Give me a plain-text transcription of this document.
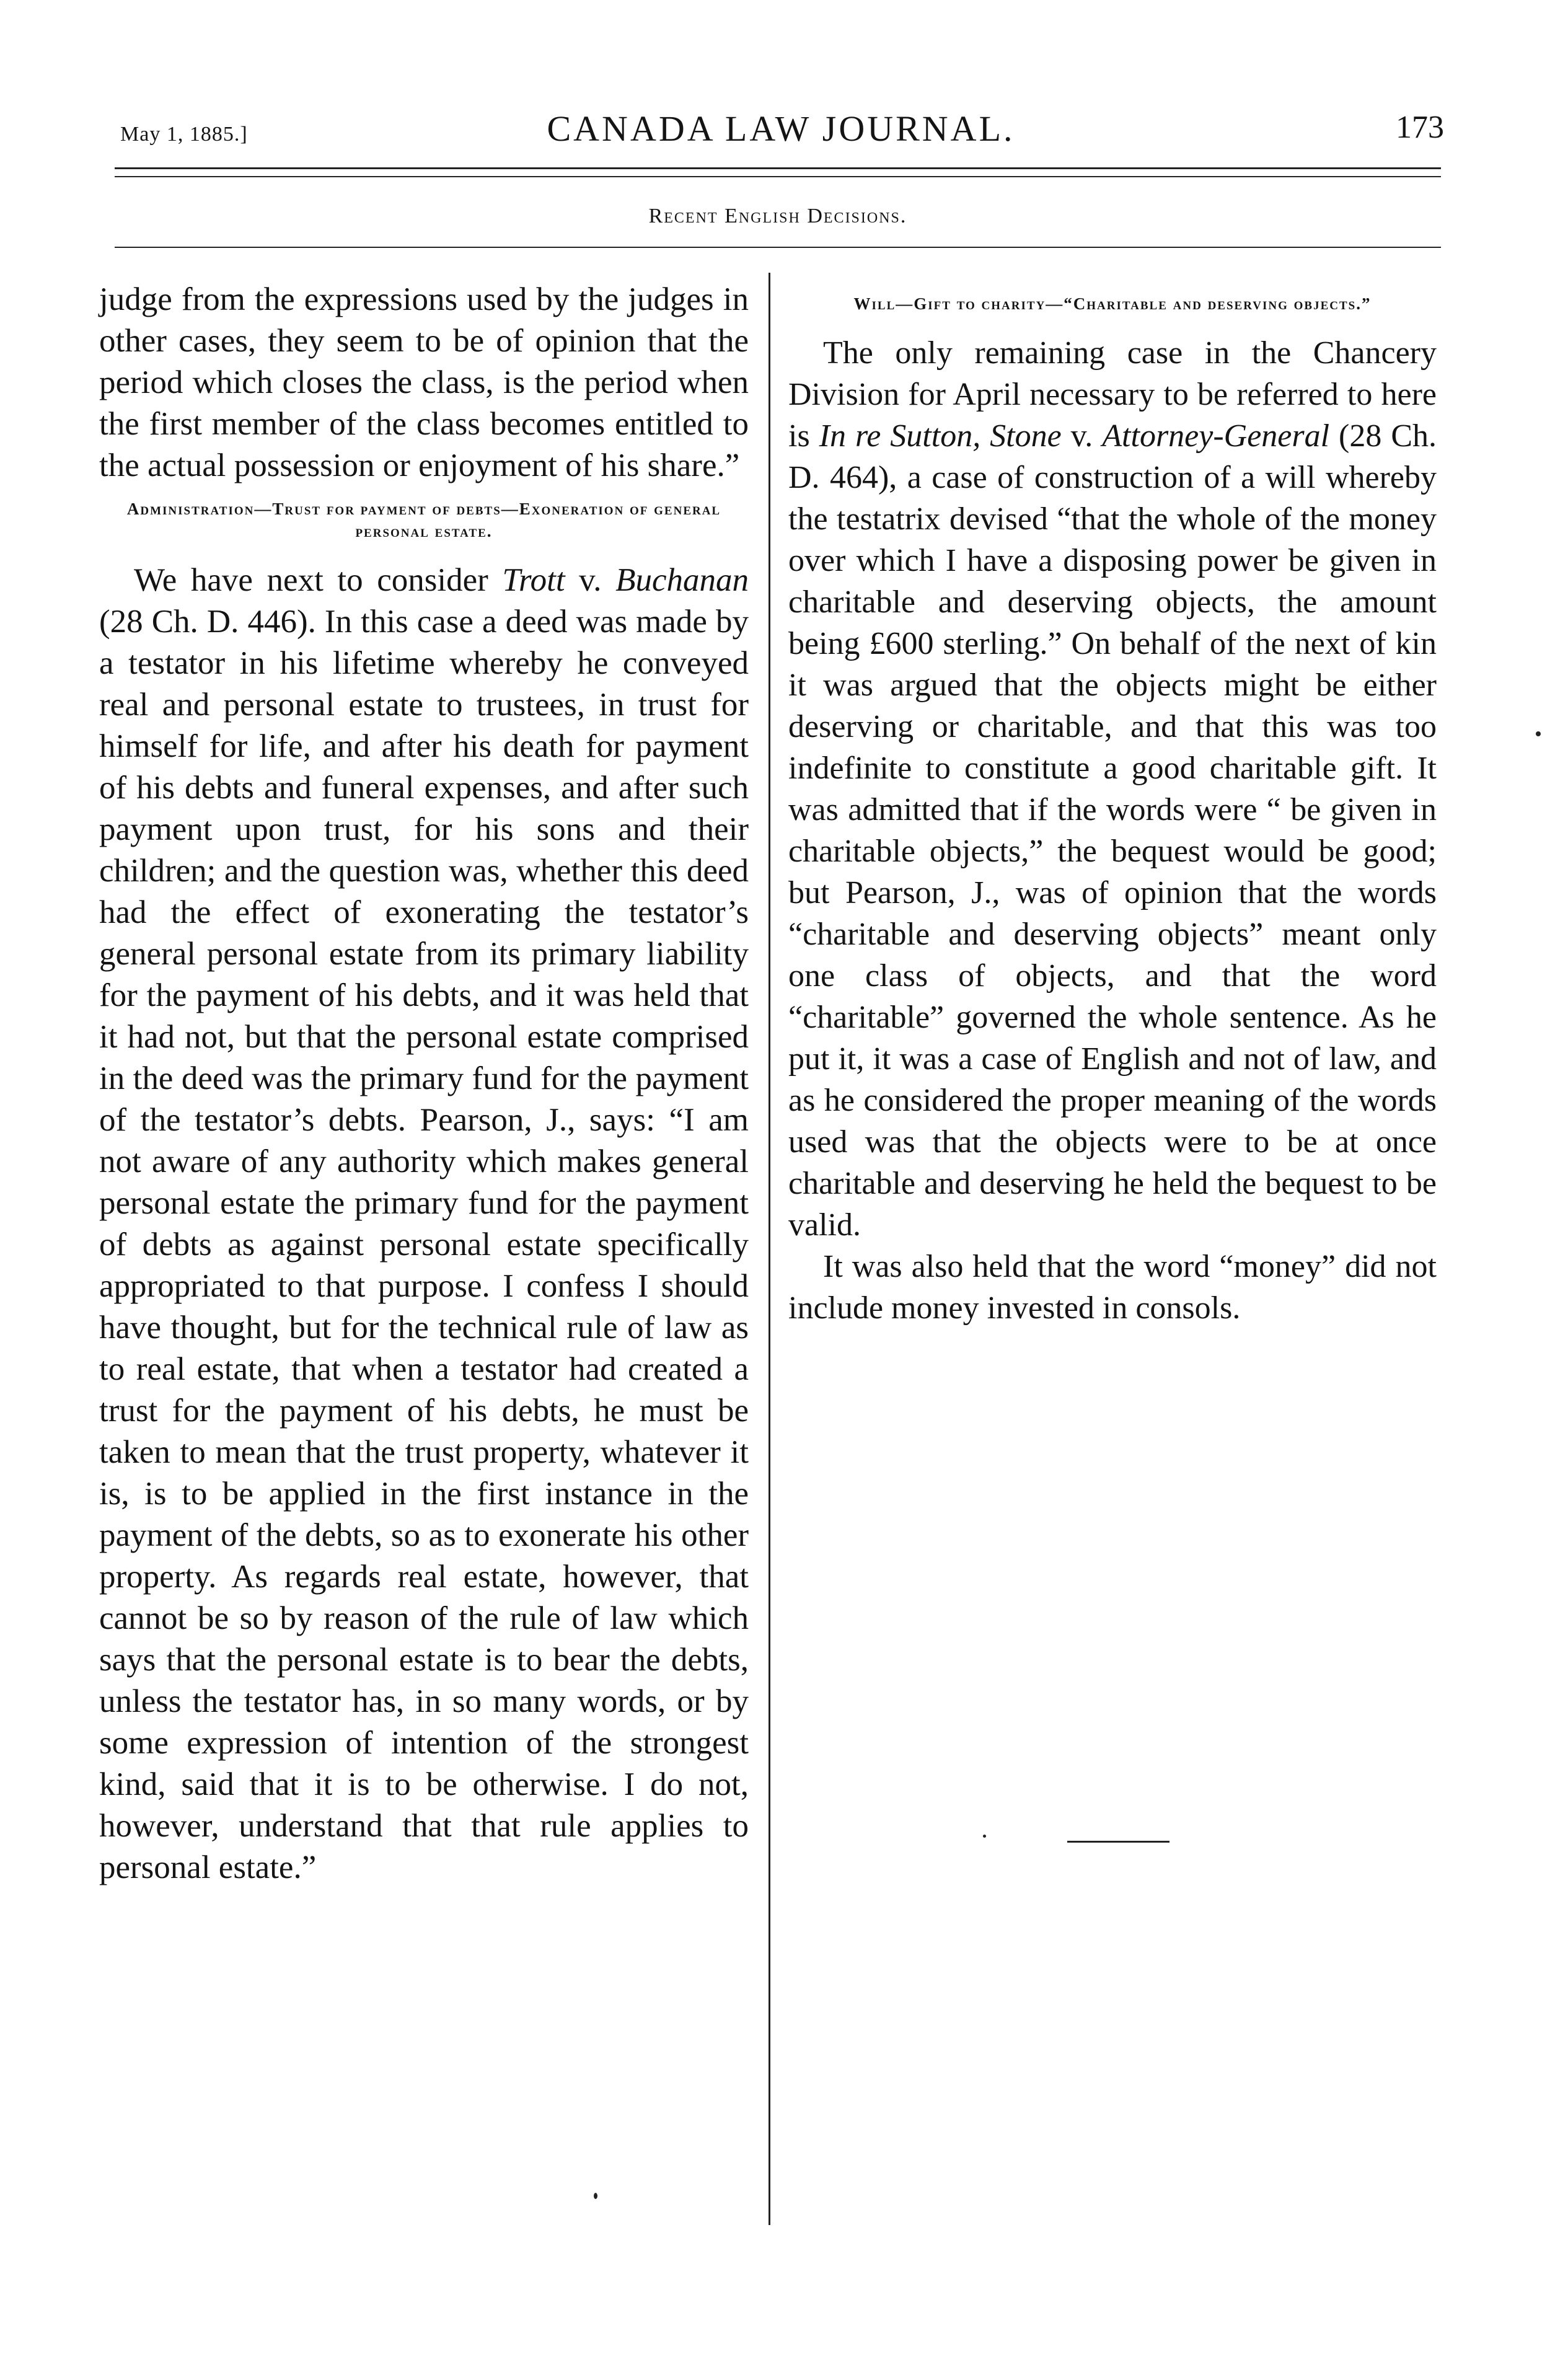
May 1, 1885.]	CANADA LAW JOURNAL.	173
Recent English Decisions.

judge from the expressions used by the judges in other cases, they seem to be of opinion that the period which closes the class, is the period when the first member of the class becomes entitled to the actual possession or enjoyment of his share.”

Administration—Trust for payment of debts—Exoneration of general personal estate.

We have next to consider Trott v. Buchanan (28 Ch. D. 446). In this case a deed was made by a testator in his lifetime whereby he conveyed real and personal estate to trustees, in trust for himself for life, and after his death for payment of his debts and funeral expenses, and after such payment upon trust, for his sons and their children; and the question was, whether this deed had the effect of exonerating the testator’s general personal estate from its primary liability for the payment of his debts, and it was held that it had not, but that the personal estate comprised in the deed was the primary fund for the payment of the testator’s debts. Pearson, J., says: “I am not aware of any authority which makes general personal estate the primary fund for the payment of debts as against personal estate specifically appropriated to that purpose. I confess I should have thought, but for the technical rule of law as to real estate, that when a testator had created a trust for the payment of his debts, he must be taken to mean that the trust property, whatever it is, is to be applied in the first instance in the payment of the debts, so as to exonerate his other property. As regards real estate, however, that cannot be so by reason of the rule of law which says that the personal estate is to bear the debts, unless the testator has, in so many words, or by some expression of intention of the strongest kind, said that it is to be otherwise. I do not, however, understand that that rule applies to personal estate.”

Will—Gift to charity—“Charitable and deserving objects.”

The only remaining case in the Chancery Division for April necessary to be referred to here is In re Sutton, Stone v. Attorney-General (28 Ch. D. 464), a case of construction of a will whereby the testatrix devised “that the whole of the money over which I have a disposing power be given in charitable and deserving objects, the amount being £600 sterling.” On behalf of the next of kin it was argued that the objects might be either deserving or charitable, and that this was too indefinite to constitute a good charitable gift. It was admitted that if the words were “ be given in charitable objects,” the bequest would be good; but Pearson, J., was of opinion that the words “charitable and deserving objects” meant only one class of objects, and that the word “charitable” governed the whole sentence. As he put it, it was a case of English and not of law, and as he considered the proper meaning of the words used was that the objects were to be at once charitable and deserving he held the bequest to be valid.

It was also held that the word “money” did not include money invested in consols.
